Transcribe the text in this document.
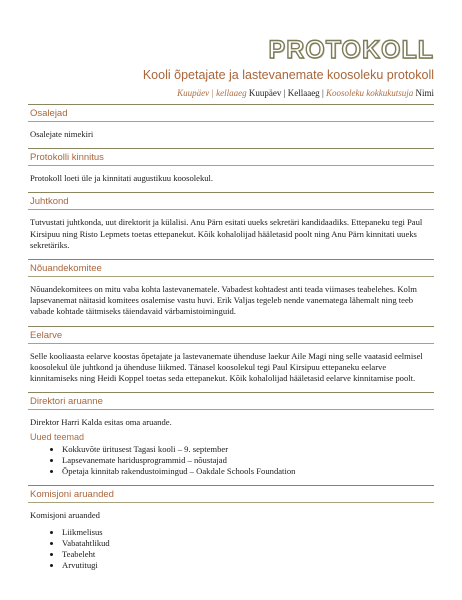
PROTOKOLL
Kooli õpetajate ja lastevanemate koosoleku protokoll
Kuupäev | kellaaeg Kuupäev | Kellaaeg | Koosoleku kokkukutsuja Nimi
Osalejad
Osalejate nimekiri
Protokolli kinnitus
Protokoll loeti üle ja kinnitati augustikuu koosolekul.
Juhtkond
Tutvustati juhtkonda, uut direktorit ja külalisi. Anu Pärn esitati uueks sekretäri kandidaadiks. Ettepaneku tegi Paul Kirsipuu ning Risto Lepmets toetas ettepanekut. Kõik kohalolijad hääletasid poolt ning Anu Pärn kinnitati uueks sekretäriks.
Nõuandekomitee
Nõuandekomitees on mitu vaba kohta lastevanematele. Vabadest kohtadest anti teada viimases teabelehes. Kolm lapsevanemat näitasid komitees osalemise vastu huvi. Erik Valjas tegeleb nende vanematega lähemalt ning teeb vabade kohtade täitmiseks täiendavaid värbamistoiminguid.
Eelarve
Selle kooliaasta eelarve koostas õpetajate ja lastevanemate ühenduse laekur Aile Magi ning selle vaatasid eelmisel koosolekul üle juhtkond ja ühenduse liikmed. Tänasel koosolekul tegi Paul Kirsipuu ettepaneku eelarve kinnitamiseks ning Heidi Koppel toetas seda ettepanekut. Kõik kohalolijad hääletasid eelarve kinnitamise poolt.
Direktori aruanne
Direktor Harri Kalda esitas oma aruande.
Uued teemad
• Kokkuvõte üritusest Tagasi kooli – 9. september
• Lapsevanemate haridusprogrammid – nõustajad
• Õpetaja kinnitab rakendustoimingud – Oakdale Schools Foundation
Komisjoni aruanded
Komisjoni aruanded
• Liikmelisus
• Vabatahtlikud
• Teabeleht
• Arvutitugi
